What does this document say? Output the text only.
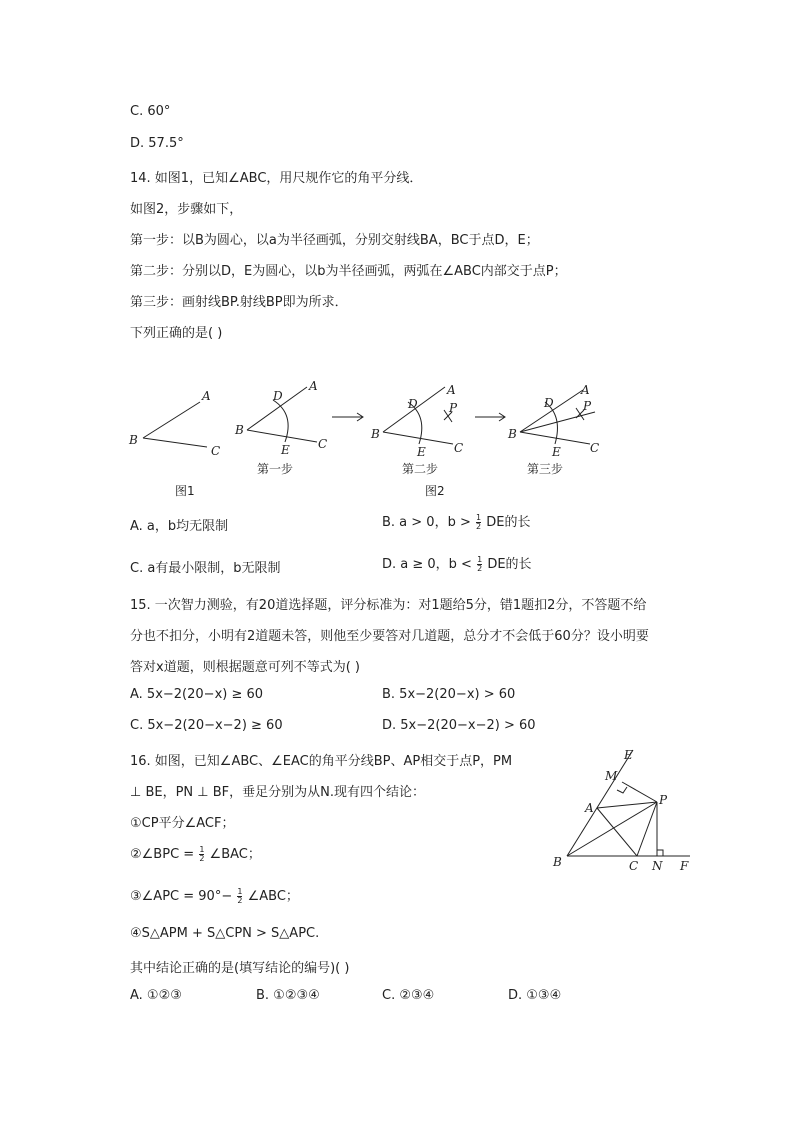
C. 60°
D. 57.5°
14. 如图1，已知∠ABC，用尺规作它的角平分线．
如图2，步骤如下，
第一步：以B为圆心，以a为半径画弧，分别交射线BA，BC于点D，E；
第二步：分别以D，E为圆心，以b为半径画弧，两弧在∠ABC内部交于点P；
第三步：画射线BP.射线BP即为所求．
下列正确的是( )
A
B
C
A
D
B
E C
A
D	P
B
E C
A
D P
B
E C
第一步	第二步	第三步
图1	图2
A. a，b均无限制	B. a > 0，$b > \frac{1}{2}$ DE的长
C. a有最小限制，b无限制	D. a ≥ 0，$b < \frac{1}{2}$ DE的长
15. 一次智力测验，有20道选择题，评分标准为：对1题给5分，错1题扣2分，不答题不给
分也不扣分，小明有2道题未答，则他至少要答对几道题，总分才不会低于60分？设小明要
答对x道题，则根据题意可列不等式为( )
A. 5x−2(20−x) ≥ 60	B. 5x−2(20−x) > 60
C. 5x−2(20−x−2) ≥ 60	D. 5x−2(20−x−2) > 60
16. 如图，已知∠ABC、∠EAC的角平分线BP、AP相交于点P，PM
⊥ BE，PN ⊥ BF，垂足分别为从N.现有四个结论：
①CP平分∠ACF；
②∠BPC = $\frac{1}{2}$ ∠BAC；
③∠APC = $90^\circ- \frac{1}{2}$ ∠ABC；
④S△APM + S△CPN > S△APC.
其中结论正确的是(填写结论的编号)( )
A. ①②③	B. ①②③④	C. ②③④	D. ①③④
E
M
A
P
B	C N F
